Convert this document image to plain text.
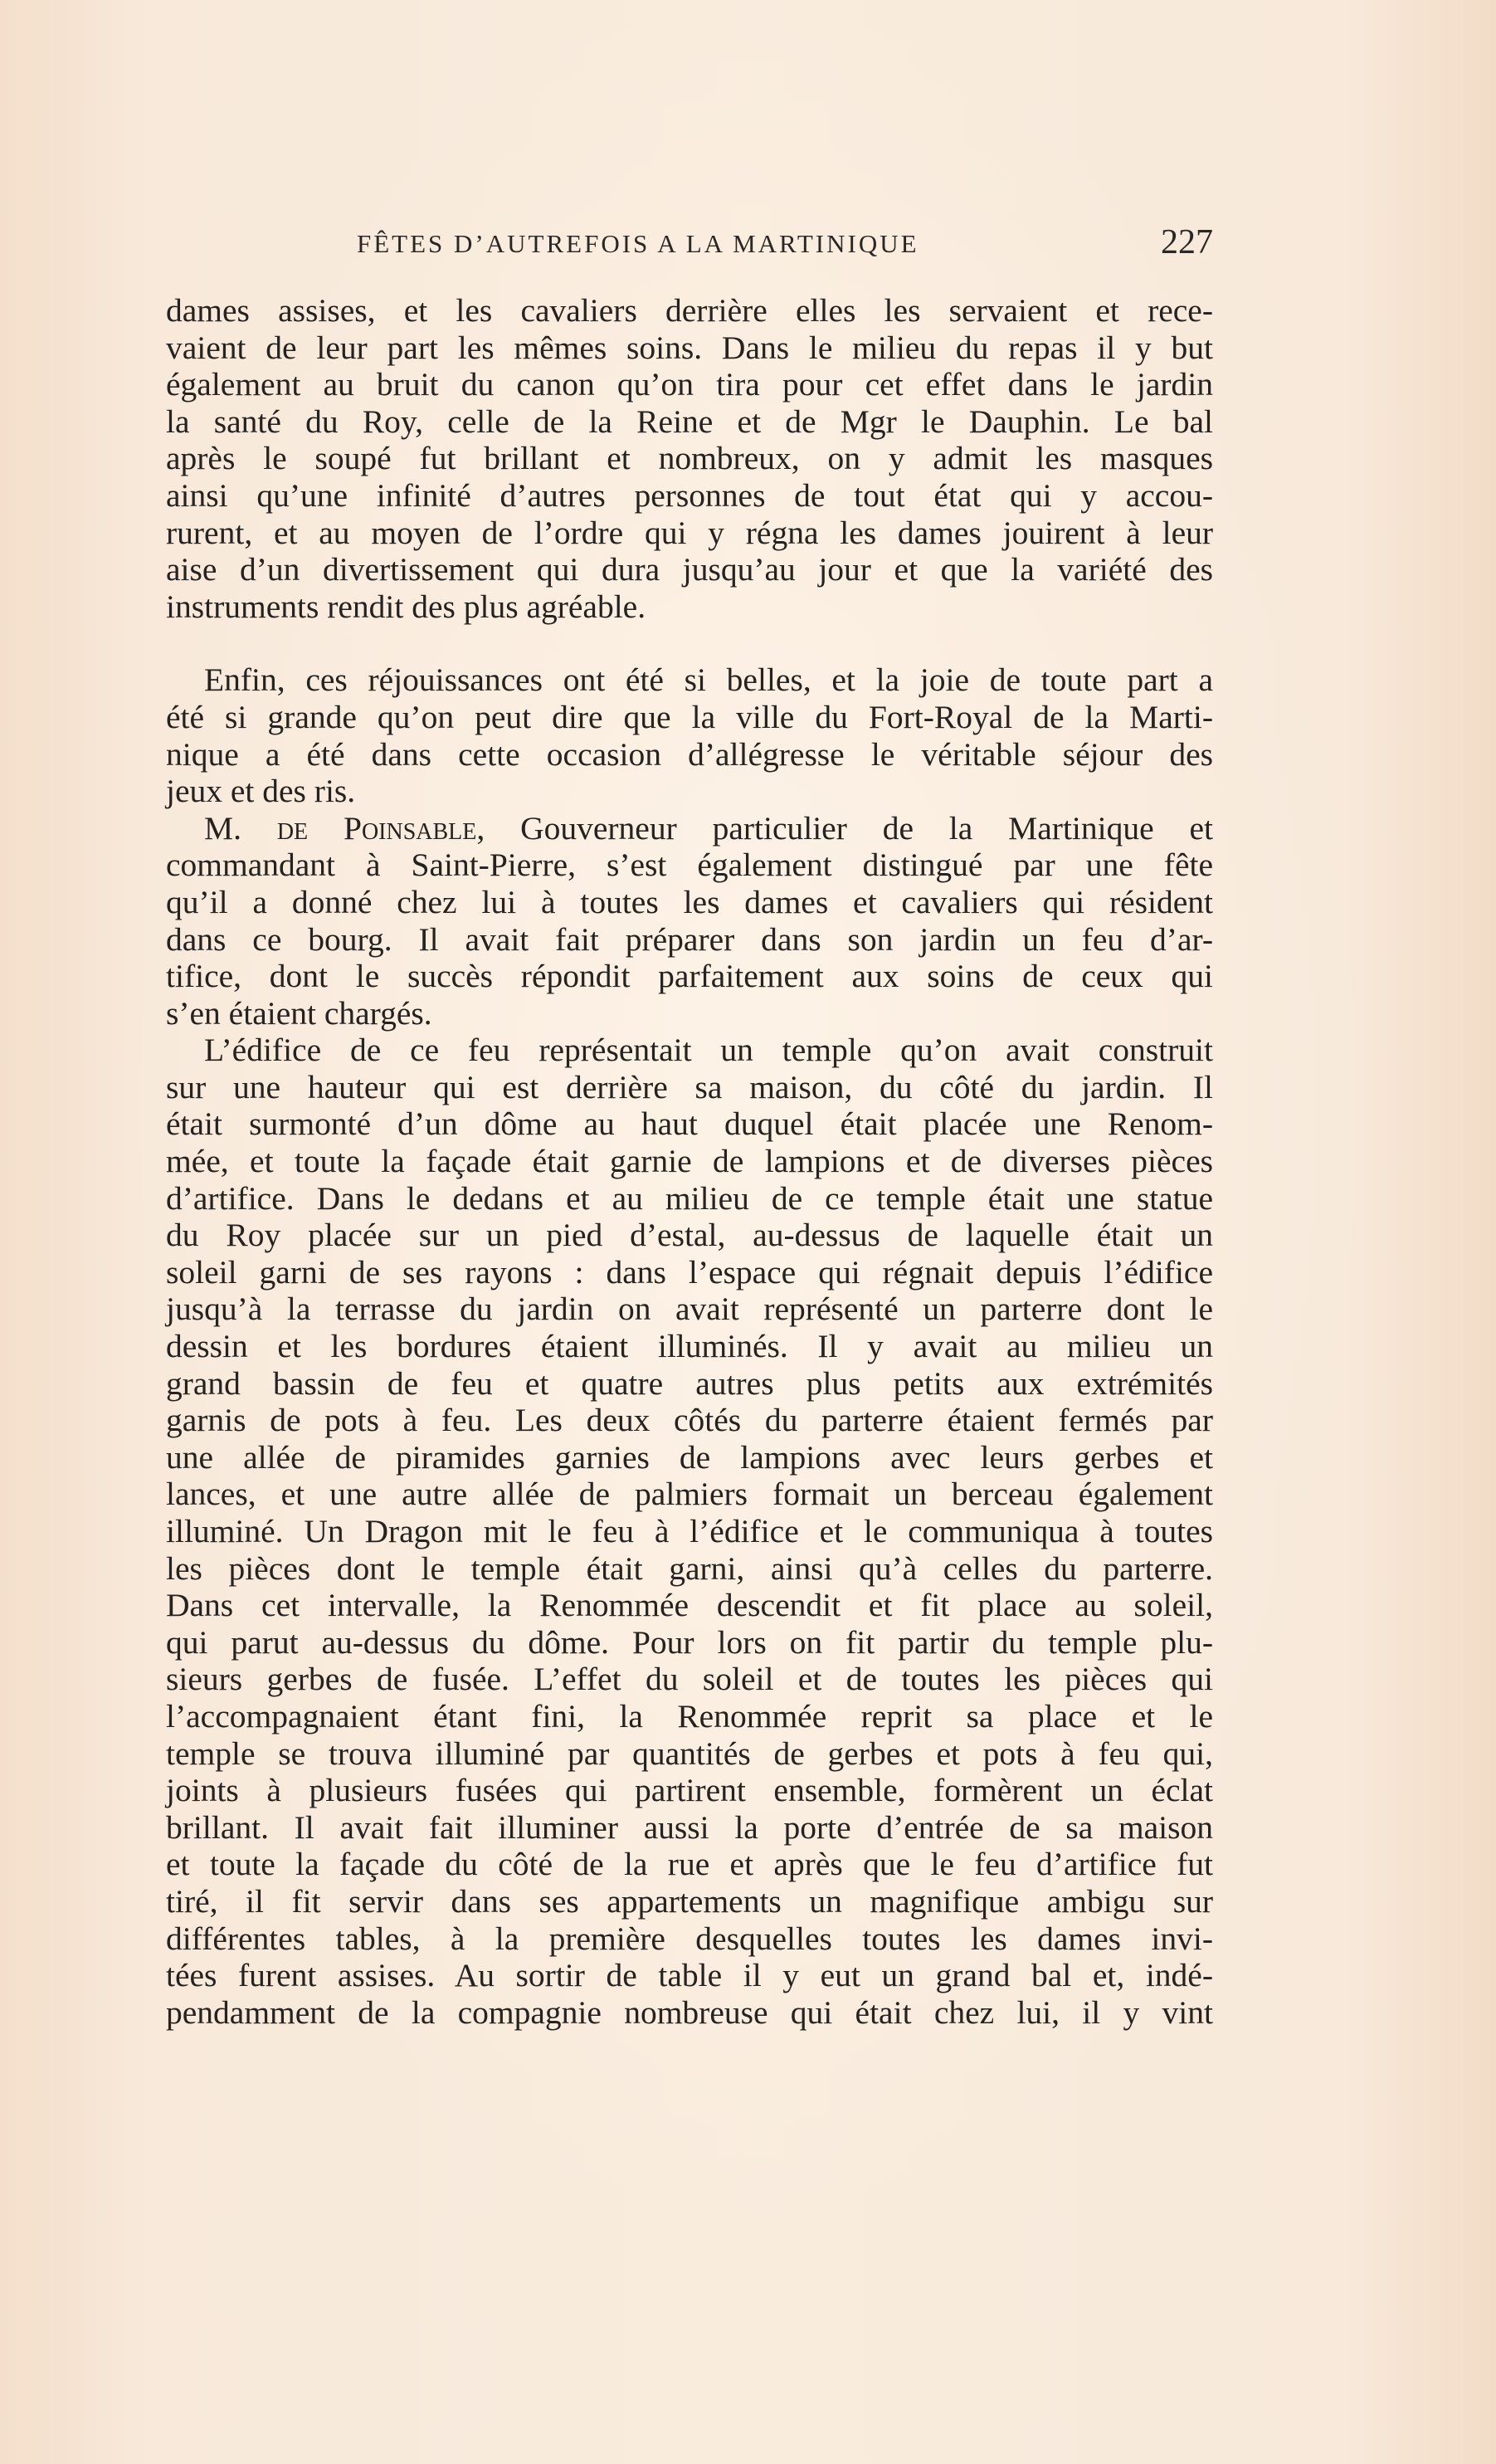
FÊTES D’AUTREFOIS A LA MARTINIQUE	227
dames assises, et les cavaliers derrière elles les servaient et rece-
vaient de leur part les mêmes soins. Dans le milieu du repas il y but
également au bruit du canon qu’on tira pour cet effet dans le jardin
la santé du Roy, celle de la Reine et de Mgr le Dauphin. Le bal
après le soupé fut brillant et nombreux, on y admit les masques
ainsi qu’une infinité d’autres personnes de tout état qui y accou-
rurent, et au moyen de l’ordre qui y régna les dames jouirent à leur
aise d’un divertissement qui dura jusqu’au jour et que la variété des
instruments rendit des plus agréable.
Enfin, ces réjouissances ont été si belles, et la joie de toute part a
été si grande qu’on peut dire que la ville du Fort-Royal de la Marti-
nique a été dans cette occasion d’allégresse le véritable séjour des
jeux et des ris.
M. de Poinsable, Gouverneur particulier de la Martinique et
commandant à Saint-Pierre, s’est également distingué par une fête
qu’il a donné chez lui à toutes les dames et cavaliers qui résident
dans ce bourg. Il avait fait préparer dans son jardin un feu d’ar-
tifice, dont le succès répondit parfaitement aux soins de ceux qui
s’en étaient chargés.
L’édifice de ce feu représentait un temple qu’on avait construit
sur une hauteur qui est derrière sa maison, du côté du jardin. Il
était surmonté d’un dôme au haut duquel était placée une Renom-
mée, et toute la façade était garnie de lampions et de diverses pièces
d’artifice. Dans le dedans et au milieu de ce temple était une statue
du Roy placée sur un pied d’estal, au-dessus de laquelle était un
soleil garni de ses rayons : dans l’espace qui régnait depuis l’édifice
jusqu’à la terrasse du jardin on avait représenté un parterre dont le
dessin et les bordures étaient illuminés. Il y avait au milieu un
grand bassin de feu et quatre autres plus petits aux extrémités
garnis de pots à feu. Les deux côtés du parterre étaient fermés par
une allée de piramides garnies de lampions avec leurs gerbes et
lances, et une autre allée de palmiers formait un berceau également
illuminé. Un Dragon mit le feu à l’édifice et le communiqua à toutes
les pièces dont le temple était garni, ainsi qu’à celles du parterre.
Dans cet intervalle, la Renommée descendit et fit place au soleil,
qui parut au-dessus du dôme. Pour lors on fit partir du temple plu-
sieurs gerbes de fusée. L’effet du soleil et de toutes les pièces qui
l’accompagnaient étant fini, la Renommée reprit sa place et le
temple se trouva illuminé par quantités de gerbes et pots à feu qui,
joints à plusieurs fusées qui partirent ensemble, formèrent un éclat
brillant. Il avait fait illuminer aussi la porte d’entrée de sa maison
et toute la façade du côté de la rue et après que le feu d’artifice fut
tiré, il fit servir dans ses appartements un magnifique ambigu sur
différentes tables, à la première desquelles toutes les dames invi-
tées furent assises. Au sortir de table il y eut un grand bal et, indé-
pendamment de la compagnie nombreuse qui était chez lui, il y vint
